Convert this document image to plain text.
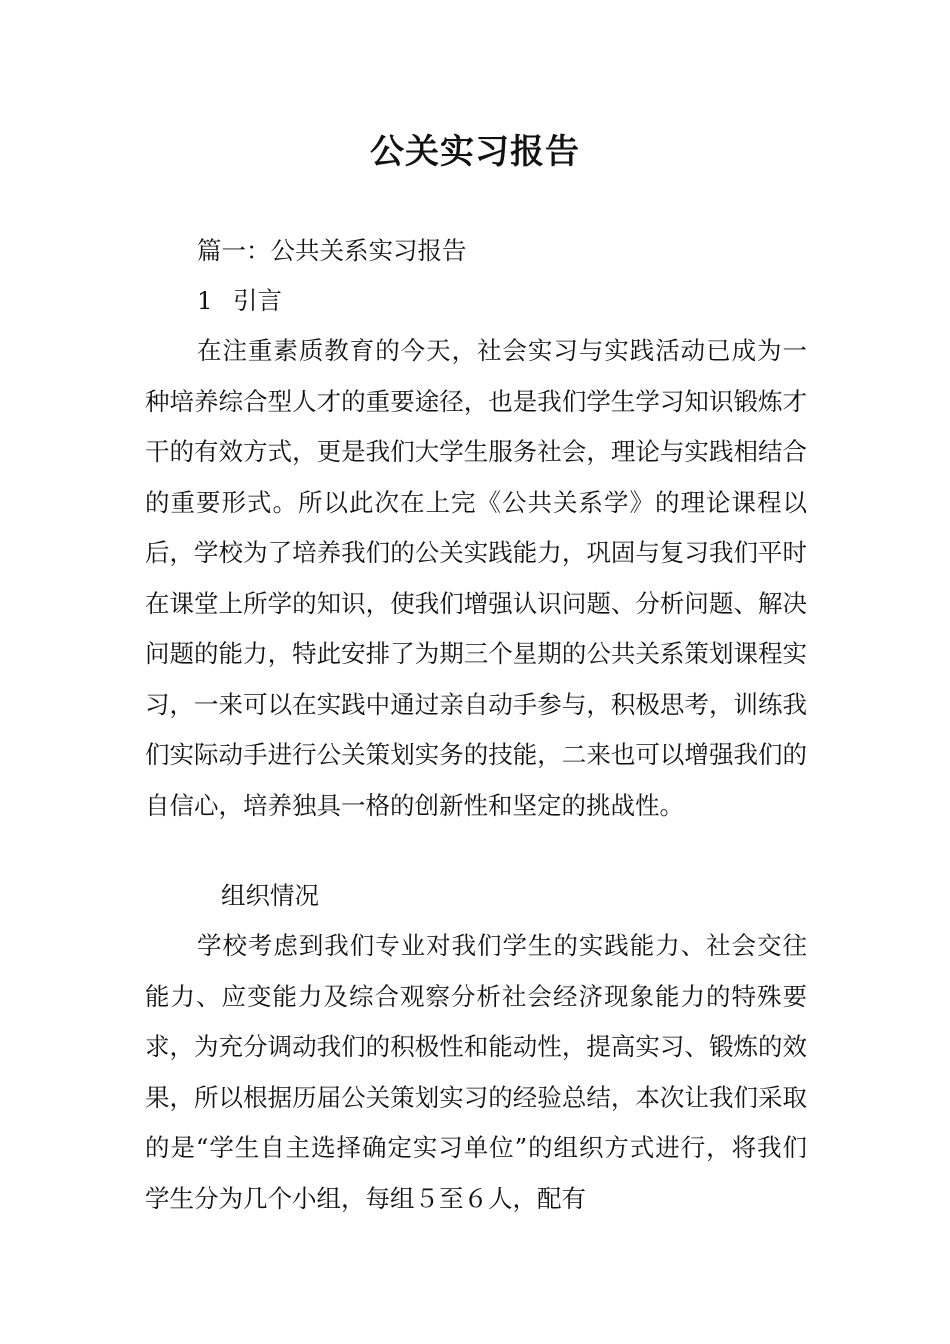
公关实习报告
篇一：公共关系实习报告
1 引言

在注重素质教育的今天，社会实习与实践活动已成为一种培养综合型人才的重要途径，也是我们学生学习知识锻炼才干的有效方式，更是我们大学生服务社会，理论与实践相结合的重要形式。所以此次在上完《公共关系学》的理论课程以后，学校为了培养我们的公关实践能力，巩固与复习我们平时在课堂上所学的知识，使我们增强认识问题、分析问题、解决问题的能力，特此安排了为期三个星期的公共关系策划课程实习，一来可以在实践中通过亲自动手参与，积极思考，训练我们实际动手进行公关策划实务的技能，二来也可以增强我们的自信心，培养独具一格的创新性和坚定的挑战性。

组织情况

学校考虑到我们专业对我们学生的实践能力、社会交往能力、应变能力及综合观察分析社会经济现象能力的特殊要求，为充分调动我们的积极性和能动性，提高实习、锻炼的效果，所以根据历届公关策划实习的经验总结，本次让我们采取的是“学生自主选择确定实习单位”的组织方式进行，将我们学生分为几个小组，每组５至６人，配有
